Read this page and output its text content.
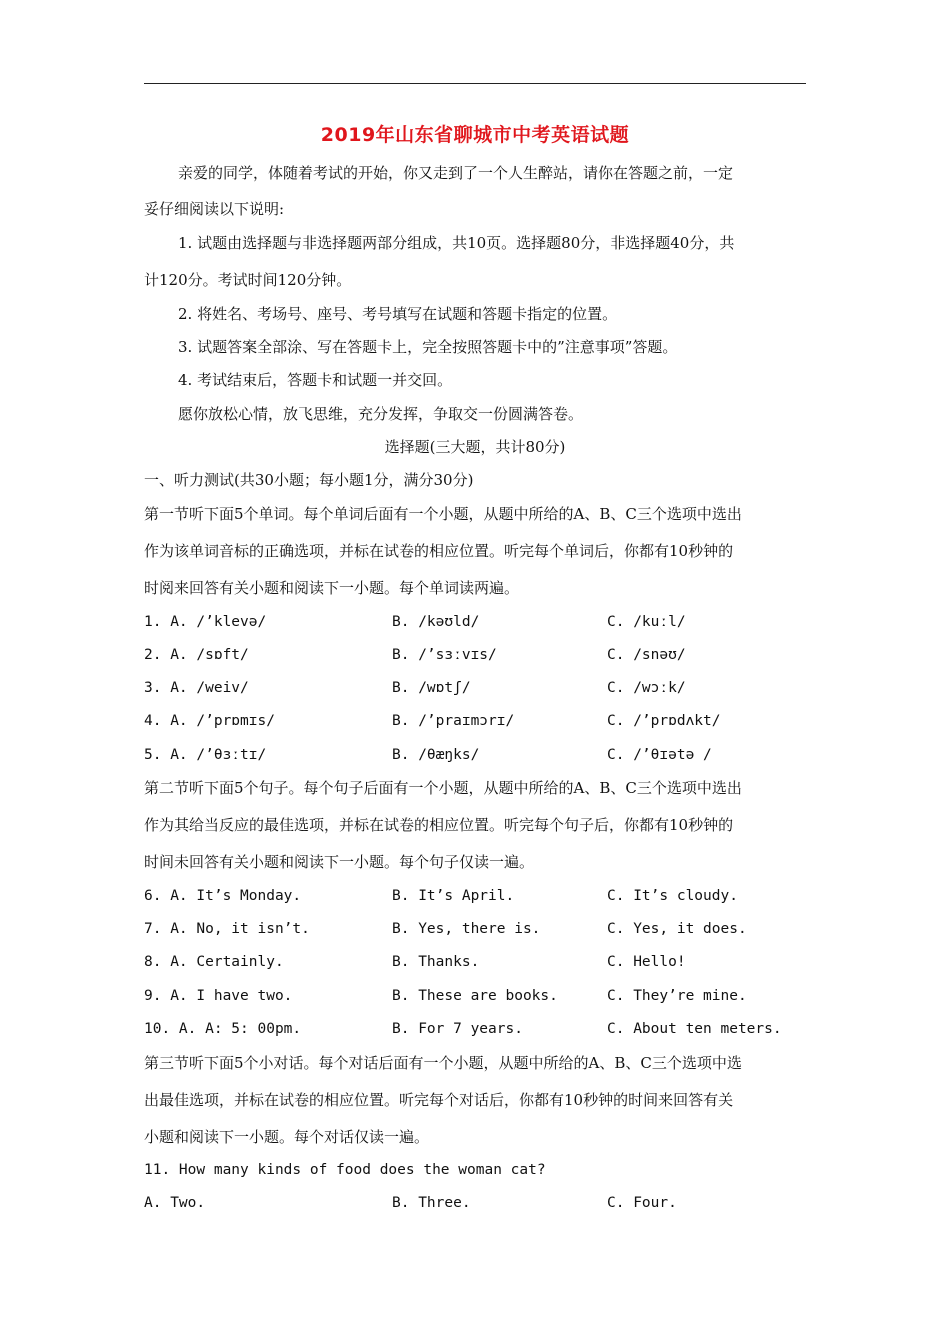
2019年山东省聊城市中考英语试题
亲爱的同学，体随着考试的开始，你又走到了一个人生醉站，请你在答题之前，一定
妥仔细阅读以下说明:
1. 试题由选择题与非选择题两部分组成，共10页。选择题80分，非选择题40分，共
计120分。考试时间120分钟。
2. 将姓名、考场号、座号、考号填写在试题和答题卡指定的位置。
3. 试题答案全部涂、写在答题卡上，完全按照答题卡中的”注意事项”答题。
4. 考试结束后，答题卡和试题一并交回。
愿你放松心情，放飞思维，充分发挥，争取交一份圆满答卷。
选择题(三大题，共计80分)
一、听力测试(共30小题；每小题1分，满分30分)
第一节听下面5个单词。每个单词后面有一个小题，从题中所给的A、B、C三个选项中选出
作为该单词音标的正确选项，并标在试卷的相应位置。听完每个单词后，你都有10秒钟的
时阅来回答有关小题和阅读下一小题。每个单词读两遍。
1. A. /’klevə/	B. /kəʊld/	C. /kuːl/
2. A. /sɒft/	B. /’sɜːvɪs/	C. /snəʊ/
3. A. /weiv/	B. /wɒtʃ/	C. /wɔːk/
4. A. /’prɒmɪs/	B. /’praɪmɔrɪ/	C. /’prɒdʌkt/
5. A. /’θɜːtɪ/	B. /θæŋks/	C. /’θɪətə /
第二节听下面5个句子。每个句子后面有一个小题，从题中所给的A、B、C三个选项中选出
作为其给当反应的最佳选项，并标在试卷的相应位置。听完每个句子后，你都有10秒钟的
时间未回答有关小题和阅读下一小题。每个句子仅读一遍。
6. A. It’s Monday.	B. It’s April.	C. It’s cloudy.
7. A. No, it isn’t.	B. Yes, there is.	C. Yes, it does.
8. A. Certainly.	B. Thanks.	C. Hello!
9. A. I have two.	B. These are books.	C. They’re mine.
10. A. A: 5: 00pm.	B. For 7 years.	C. About ten meters.
第三节听下面5个小对话。每个对话后面有一个小题，从题中所给的A、B、C三个选项中选
出最佳选项，并标在试卷的相应位置。听完每个对话后，你都有10秒钟的时间来回答有关
小题和阅读下一小题。每个对话仅读一遍。
11. How many kinds of food does the woman cat?
A. Two.	B. Three.	C. Four.
